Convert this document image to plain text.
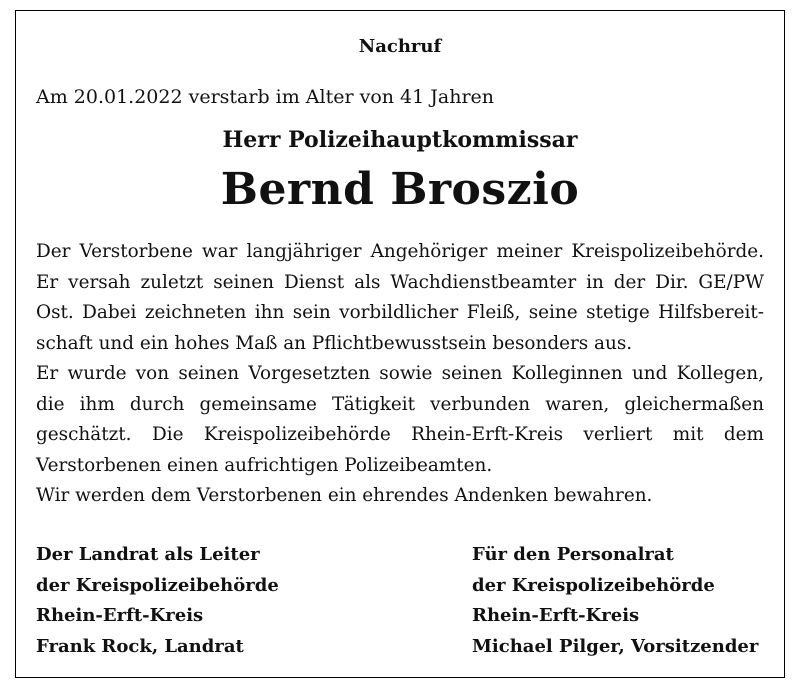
Nachruf
Am 20.01.2022 verstarb im Alter von 41 Jahren
Herr Polizeihauptkommissar
Bernd Broszio
Der Verstorbene war langjähriger Angehöriger meiner Kreispolizeibehörde.
Er versah zuletzt seinen Dienst als Wachdienstbeamter in der Dir. GE/PW
Ost. Dabei zeichneten ihn sein vorbildlicher Fleiß, seine stetige Hilfsbereit-
schaft und ein hohes Maß an Pflichtbewusstsein besonders aus.
Er wurde von seinen Vorgesetzten sowie seinen Kolleginnen und Kollegen,
die ihm durch gemeinsame Tätigkeit verbunden waren, gleichermaßen
geschätzt. Die Kreispolizeibehörde Rhein-Erft-Kreis verliert mit dem
Verstorbenen einen aufrichtigen Polizeibeamten.
Wir werden dem Verstorbenen ein ehrendes Andenken bewahren.
Der Landrat als Leiter
der Kreispolizeibehörde
Rhein-Erft-Kreis
Frank Rock, Landrat
Für den Personalrat
der Kreispolizeibehörde
Rhein-Erft-Kreis
Michael Pilger, Vorsitzender
